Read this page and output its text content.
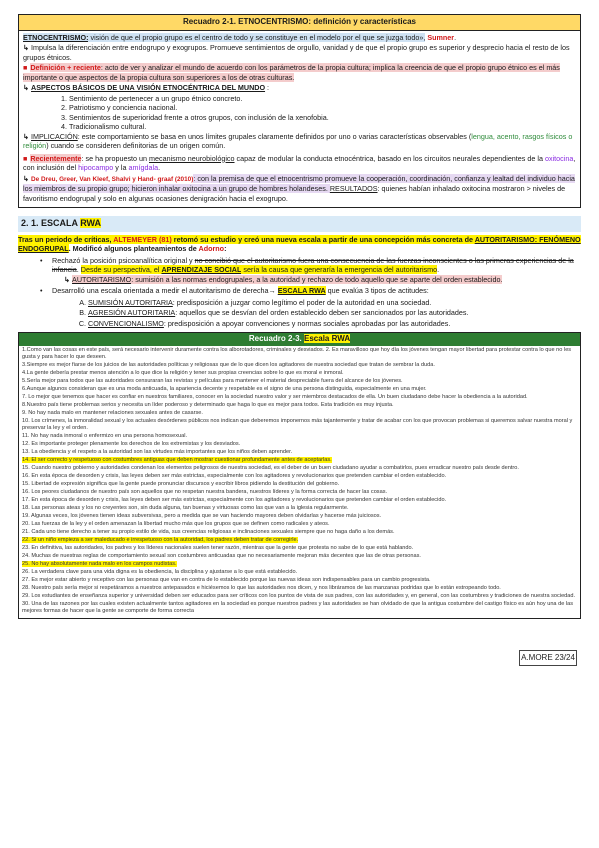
Recuadro 2-1. ETNOCENTRISMO: definición y características

ETNOCENTRISMO: visión de que el propio grupo es el centro de todo y se constituye en el modelo por el que se juzga todo», Sumner.

↳ Impulsa la diferenciación entre endogrupo y exogrupos. Promueve sentimientos de orgullo, vanidad y de que el propio grupo es superior y desprecio hacia el resto de los grupos étnicos.

■ Definición + reciente: acto de ver y analizar el mundo de acuerdo con los parámetros de la propia cultura; implica la creencia de que el propio grupo étnico es el más importante o que aspectos de la propia cultura son superiores a los de otras culturas.

↳ ASPECTOS BÁSICOS DE UNA VISIÓN ETNOCÉNTRICA DEL MUNDO :

1. Sentimiento de pertenecer a un grupo étnico concreto.
2. Patriotismo y conciencia nacional.
3. Sentimientos de superioridad frente a otros grupos, con inclusión de la xenofobia.
4. Tradicionalismo cultural.

↳ IMPLICACIÓN: este comportamiento se basa en unos límites grupales claramente definidos por uno o varias características observables (lengua, acento, rasgos físicos o religión) cuando se consideren definitorias de un origen común.

■ Recientemente: se ha propuesto un mecanismo neurobiológico capaz de modular la conducta etnocéntrica, basado en los circuitos neurales dependientes de la oxitocina, con inclusión del hipocampo y la amígdala.

↳ De Dreu, Greer, Van Kleef, Shalvi y Hand- graaf (2010): con la premisa de que el etnocentrismo promueve la cooperación, coordinación, confianza y lealtad del individuo hacia los miembros de su propio grupo; hicieron inhalar oxitocina a un grupo de hombres holandeses. RESULTADOS: quienes habían inhalado oxitocina mostraron > niveles de favoritismo endogrupal y solo en algunas ocasiones denigración hacia el exogrupo.

2. 1. ESCALA RWA

Tras un periodo de críticas, ALTEMEYER (81) retomó su estudio y creó una nueva escala a partir de una concepción más concreta de AUTORITARISMO: FENÓMENO ENDOGRUPAL. Modificó algunos planteamientos de Adorno:

• Rechazó la posición psicoanalítica original y no concibió que el autoritarismo fuera una consecuencia de las fuerzas inconscientes o las primeras experiencias de la infancia. Desde su perspectiva, el APRENDIZAJE SOCIAL sería la causa que generaría la emergencia del autoritarismo.
↳ AUTORITARISMO: sumisión a las normas endogrupales, a la autoridad y rechazo de todo aquello que se aparte del orden establecido.
• Desarrolló una escala orientada a medir el autoritarismo de derecha→ ESCALA RWA que evalúa 3 tipos de actitudes:
A. SUMISIÓN AUTORITARIA: predisposición a juzgar como legítimo el poder de la autoridad en una sociedad.
B. AGRESIÓN AUTORITARIA: aquellos que se desvían del orden establecido deben ser sancionados por las autoridades.
C. CONVENCIONALISMO: predisposición a apoyar convenciones y normas sociales aprobadas por las autoridades.
Recuadro 2-3. Escala RWA

1.Como van las cosas en este país, será necesario intervenir duramente contra los alborotadores, criminales y desviados. 2. Es maravilloso que hoy día los jóvenes tengan mayor libertad para protestar contra lo que no les gusta y para hacer lo que deseen.

3.Siempre es mejor fiarse de los juicios de las autoridades políticas y religiosas que de lo que dicen los agitadores de nuestra sociedad que tratan de sembrar la duda.

4.La gente debería prestar menos atención a lo que dice la religión y tener sus propias creencias sobre lo que es moral e inmoral.

5.Sería mejor para todos que las autoridades censuraran las revistas y películas para mantener el material despreciable fuera del alcance de los jóvenes.

6.Aunque algunos consideran que es una moda anticuada, la apariencia decente y respetable es el signo de una persona distinguida, especialmente en una mujer.

7. Lo mejor que tenemos que hacer es confiar en nuestros familiares, conocer en la sociedad nuestro valor y ser miembros destacados de ella. Un buen ciudadano debe hacer la obediencia a la autoridad.

8.Nuestro país tiene problemas serios y necesita un líder poderoso y determinado que haga lo que es mejor para todos. Esta tradición es muy injusta.

9. No hay nada malo en mantener relaciones sexuales antes de casarse.

10. Los crímenes, la inmoralidad sexual y los actuales desórdenes públicos nos indican que deberemos imponernos más tajantemente y tratar de acabar con los que provocan problemas si queremos salvar nuestra moral y preservar la ley y el orden.

11. No hay nada inmoral o enfermizo en una persona homosexual.

12. Es importante proteger plenamente los derechos de los extremistas y los desviados.

13. La obediencia y el respeto a la autoridad son las virtudes más importantes que los niños deben aprender.

14. El ser correcto y respetuoso con costumbres antiguas que deben mostrar cuestionar profundamente antes de aceptarlas.

15. Cuando nuestro gobierno y autoridades condenan los elementos peligrosos de nuestra sociedad, es el deber de un buen ciudadano ayudar a combatirlos, pues erradicar nuestro país desde dentro.

16. En esta época de desorden y crisis, las leyes deben ser más estrictas, especialmente con los agitadores y revolucionarios que pretenden cambiar el orden establecido.

15. Libertad de expresión significa que la gente puede pronunciar discursos y escribir libros pidiendo la destitución del gobierno.

16. Los peores ciudadanos de nuestro país son aquellos que no respetan nuestra bandera, nuestros líderes y la forma correcta de hacer las cosas.

17. En esta época de desorden y crisis, las leyes deben ser más estrictas, especialmente con los agitadores y revolucionarios que pretenden cambiar el orden establecido.

18. Las personas ateas y los no creyentes son, sin duda alguna, tan buenas y virtuosas como las que van a la iglesia regularmente.

19. Algunas veces, los jóvenes tienen ideas subversivas, pero a medida que se van haciendo mayores deben olvidarlas y hacerse más juiciosos.

20. Las fuerzas de la ley y el orden amenazan la libertad mucho más que los grupos que se definen como radicales y ateos.

21. Cada uno tiene derecho a tener su propio estilo de vida, sus creencias religiosas e inclinaciones sexuales siempre que no haga daño a los demás.

22. Si un niño empieza a ser maleducado e irrespetuoso con la autoridad, los padres deben tratar de corregirle.

23. En definitiva, las autoridades, los padres y los líderes nacionales suelen tener razón, mientras que la gente que protesta no sabe de lo que está hablando.

24. Muchas de nuestras reglas de comportamiento sexual son costumbres anticuadas que no necesariamente mejoran más decentes que las de otras personas.

25. No hay absolutamente nada malo en los campos nudistas.

26. La verdadera clave para una vida digna es la obediencia, la disciplina y ajustarse a lo que está establecido.

27. Es mejor estar abierto y receptivo con las personas que van en contra de lo establecido porque las nuevas ideas son indispensables para un cambio progresista.

28. Nuestro país sería mejor si respetáramos a nuestros antepasados e hiciésemos lo que las autoridades nos dicen, y nos libráramos de las manzanas podridas que lo están estropeando todo.

29. Los estudiantes de enseñanza superior y universidad deben ser educados para ser críticos con los puntos de vista de sus padres, con las autoridades y, en general, con las costumbres y tradiciones de nuestra sociedad.

30. Una de las razones por las cuales existen actualmente tantos agitadores en la sociedad es porque nuestros padres y las autoridades se han olvidado de que la antigua costumbre del castigo físico es aún hoy una de las mejores formas de hacer que la gente se comporte de forma correcta

A.MORE 23/24
